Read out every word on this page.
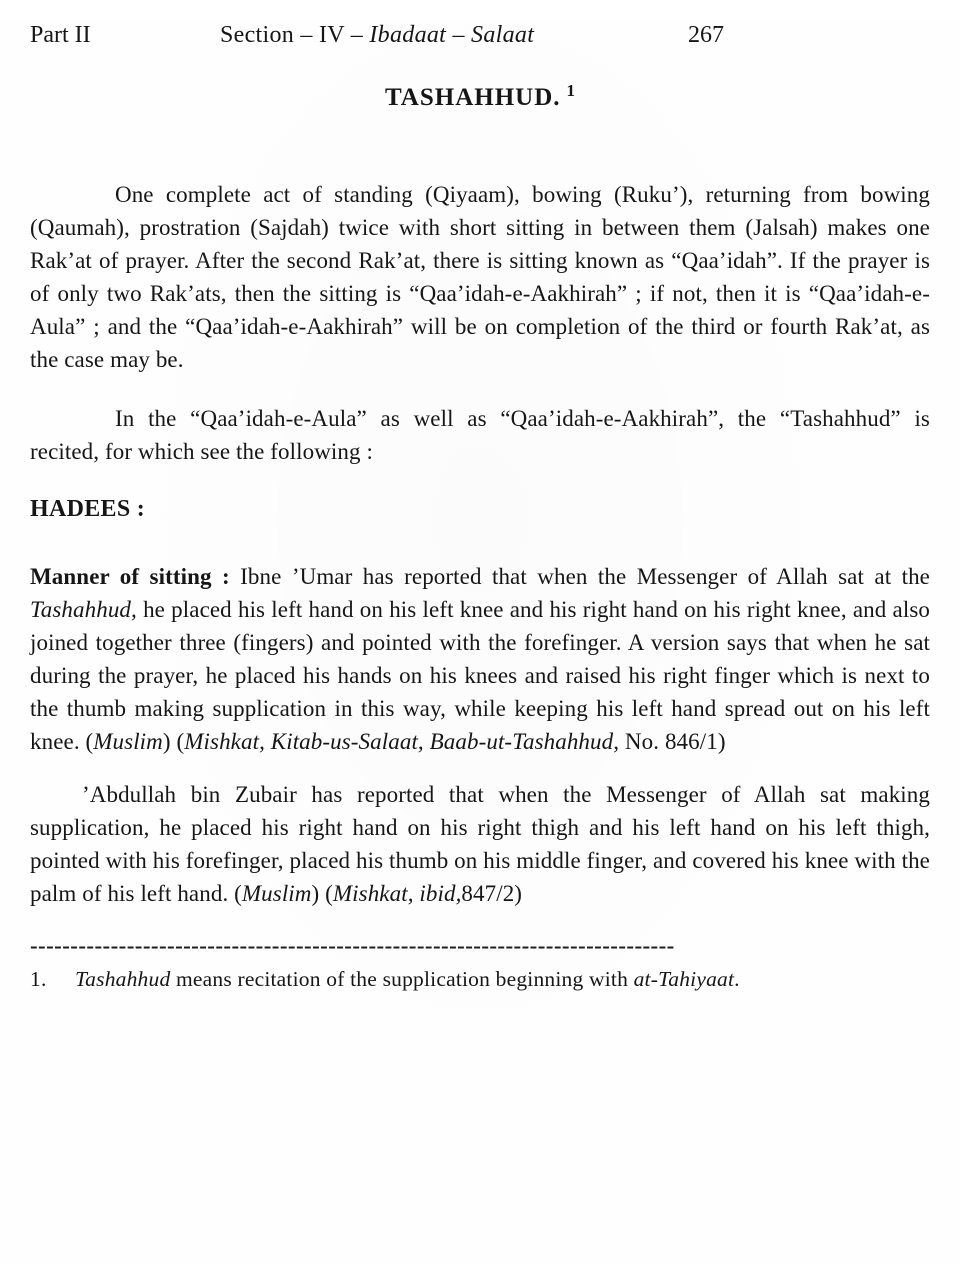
Part II	Section – IV – Ibadaat – Salaat	267
TASHAHHUD. $^1$

One complete act of standing (Qiyaam), bowing (Ruku’), returning from bowing (Qaumah), prostration (Sajdah) twice with short sitting in between them (Jalsah) makes one Rak’at of prayer. After the second Rak’at, there is sitting known as “Qaa’idah”. If the prayer is of only two Rak’ats, then the sitting is “Qaa’idah-e-Aakhirah” ; if not, then it is “Qaa’idah-e-Aula” ; and the “Qaa’idah-e-Aakhirah” will be on completion of the third or fourth Rak’at, as the case may be.

In the “Qaa’idah-e-Aula” as well as “Qaa’idah-e-Aakhirah”, the “Tashahhud” is recited, for which see the following :

HADEES :

Manner of sitting : Ibne ’Umar has reported that when the Messenger of Allah sat at the Tashahhud, he placed his left hand on his left knee and his right hand on his right knee, and also joined together three (fingers) and pointed with the forefinger. A version says that when he sat during the prayer, he placed his hands on his knees and raised his right finger which is next to the thumb making supplication in this way, while keeping his left hand spread out on his left knee. (Muslim) (Mishkat, Kitab-us-Salaat, Baab-ut-Tashahhud, No. 846/1)

’Abdullah bin Zubair has reported that when the Messenger of Allah sat making supplication, he placed his right hand on his right thigh and his left hand on his left thigh, pointed with his forefinger, placed his thumb on his middle finger, and covered his knee with the palm of his left hand. (Muslim) (Mishkat, ibid,847/2)

--------------------------------------------------------------------------------
1. Tashahhud means recitation of the supplication beginning with at-Tahiyaat.
